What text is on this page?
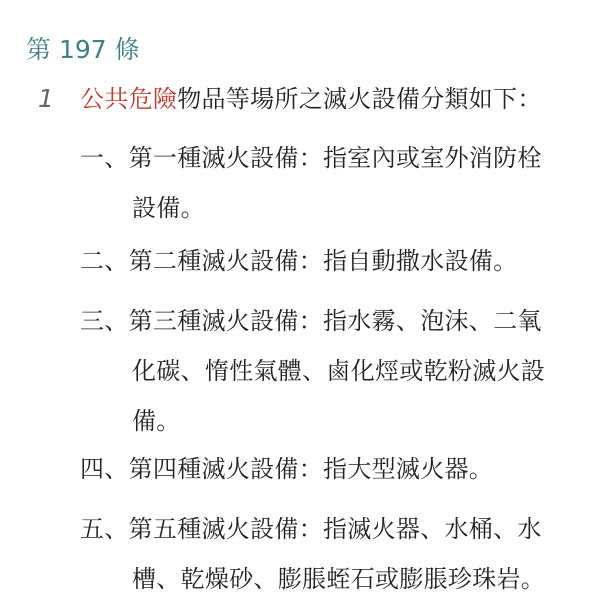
第 197 條
1 公共危險物品等場所之滅火設備分類如下：
一、第一種滅火設備：指室內或室外消防栓
設備。
二、第二種滅火設備：指自動撒水設備。
三、第三種滅火設備：指水霧、泡沫、二氧
化碳、惰性氣體、鹵化烴或乾粉滅火設
備。
四、第四種滅火設備：指大型滅火器。
五、第五種滅火設備：指滅火器、水桶、水
槽、乾燥砂、膨脹蛭石或膨脹珍珠岩。
